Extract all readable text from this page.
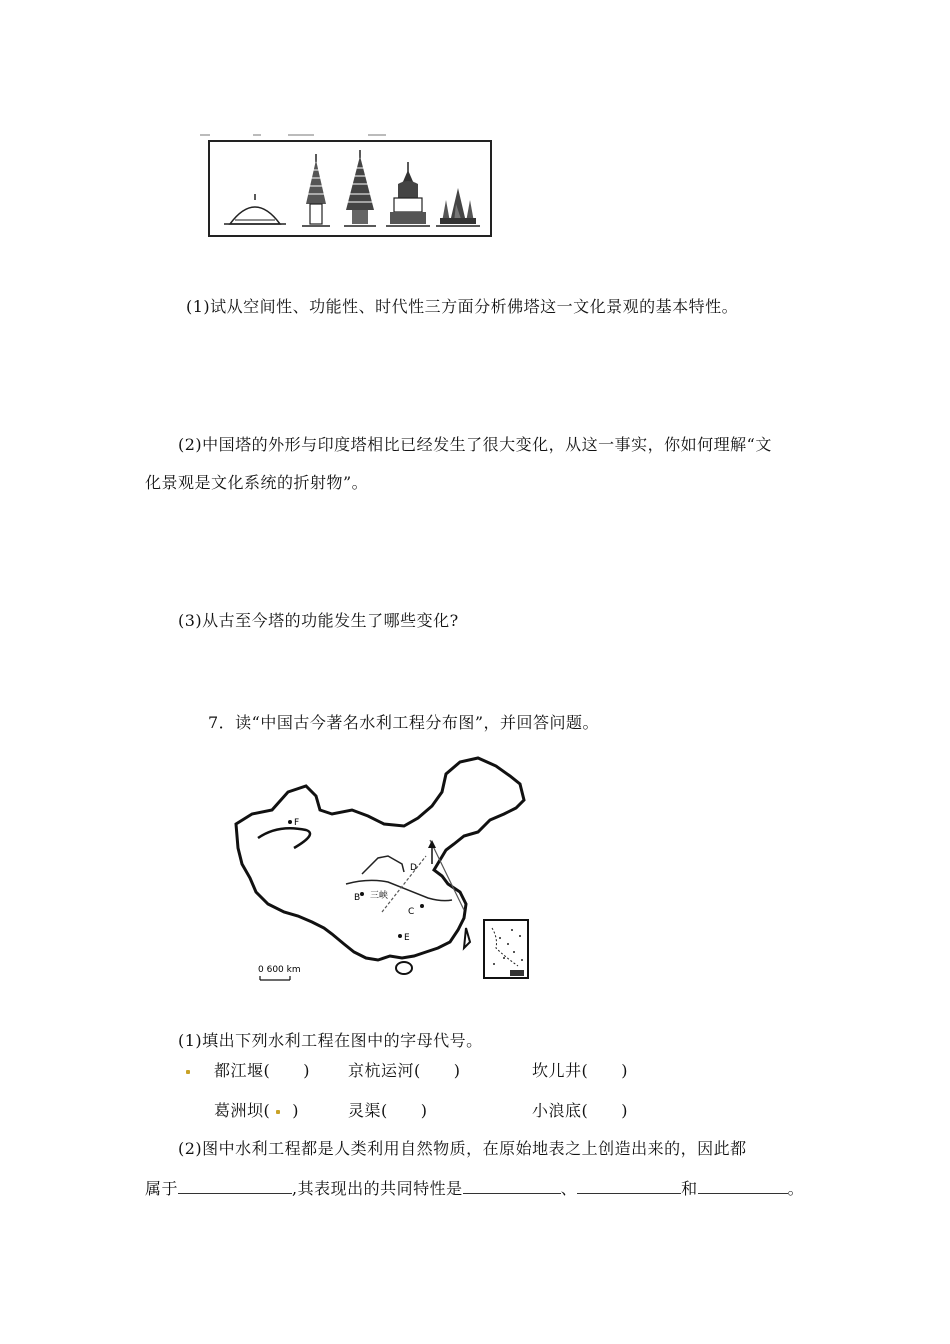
(1)试从空间性、功能性、时代性三方面分析佛塔这一文化景观的基本特性。
(2)中国塔的外形与印度塔相比已经发生了很大变化，从这一事实，你如何理解“文
化景观是文化系统的折射物”。
(3)从古至今塔的功能发生了哪些变化?
7．读“中国古今著名水利工程分布图”，并回答问题。
F
D
B
C
E
三峡
0 600 km
(1)填出下列水利工程在图中的字母代号。
都江堰(　　) 京杭运河(　　)	坎儿井(　　)
葛洲坝( )	灵渠(　　)	小浪底(　　)
(2)图中水利工程都是人类利用自然物质，在原始地表之上创造出来的，因此都
属于	,其表现出的共同特性是	、	和	。
